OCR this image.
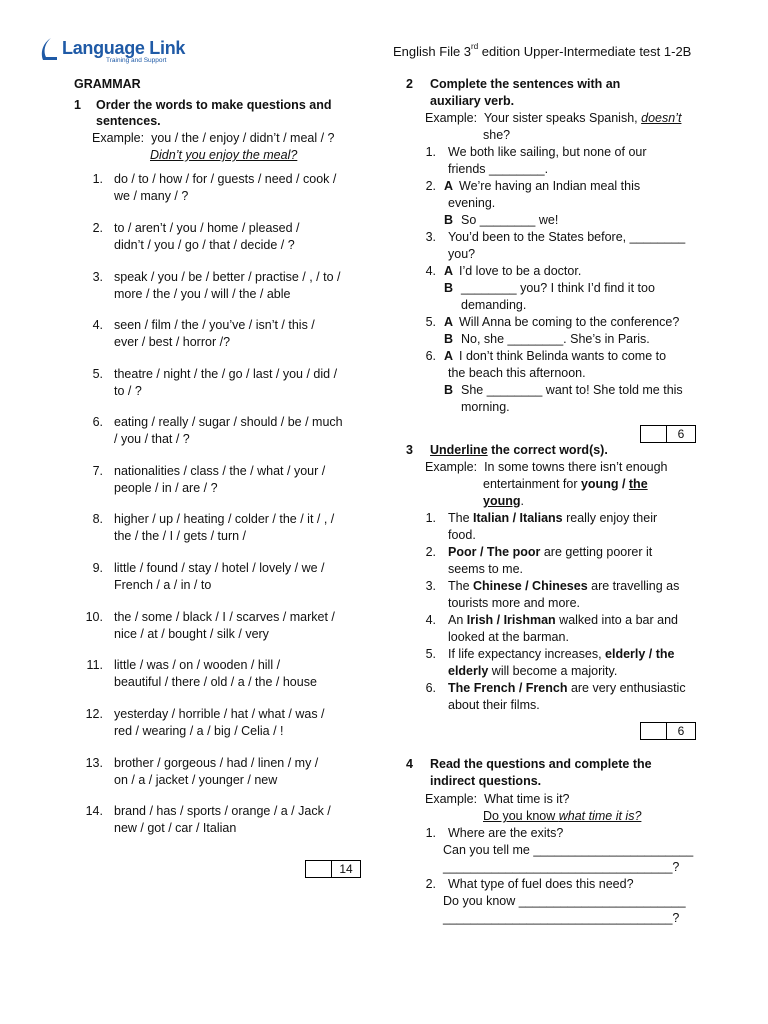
Language Link
Training and Support
English File 3rd edition Upper-Intermediate test 1-2B
GRAMMAR
1 Order the words to make questions and
sentences.
Example: you / the / enjoy / didn’t / meal / ?
Didn’t you enjoy the meal?
1. do / to / how / for / guests / need / cook /
we / many / ?
2. to / aren’t / you / home / pleased /
didn’t / you / go / that / decide / ?
3. speak / you / be / better / practise / , / to /
more / the / you / will / the / able
4. seen / film / the / you’ve / isn’t / this /
ever / best / horror /?
5. theatre / night / the / go / last / you / did /
to / ?
6. eating / really / sugar / should / be / much
/ you / that / ?
7. nationalities / class / the / what / your /
people / in / are / ?
8. higher / up / heating / colder / the / it / , /
the / the / I / gets / turn /
9. little / found / stay / hotel / lovely / we /
French / a / in / to
10. the / some / black / I / scarves / market /
nice / at / bought / silk / very
11. little / was / on / wooden / hill /
beautiful / there / old / a / the / house
12. yesterday / horrible / hat / what / was /
red / wearing / a / big / Celia / !
13. brother / gorgeous / had / linen / my /
on / a / jacket / younger / new
14. brand / has / sports / orange / a / Jack /
new / got / car / Italian
14
2 Complete the sentences with an
auxiliary verb.
Example: Your sister speaks Spanish, doesn’t
she?
1. We both like sailing, but none of our
friends ________.
2. A We’re having an Indian meal this
evening.
B So ________ we!
3. You’d been to the States before, ________
you?
4. A I’d love to be a doctor.
B ________ you? I think I’d find it too
demanding.
5. A Will Anna be coming to the conference?
B No, she ________. She’s in Paris.
6. A I don’t think Belinda wants to come to
the beach this afternoon.
B She ________ want to! She told me this
morning.
6
3 Underline the correct word(s).
Example: In some towns there isn’t enough
entertainment for young / the
young.
1. The Italian / Italians really enjoy their
food.
2. Poor / The poor are getting poorer it
seems to me.
3. The Chinese / Chineses are travelling as
tourists more and more.
4. An Irish / Irishman walked into a bar and
looked at the barman.
5. If life expectancy increases, elderly / the
elderly will become a majority.
6. The French / French are very enthusiastic
about their films.
6
4 Read the questions and complete the
indirect questions.
Example: What time is it?
Do you know what time it is?
1. Where are the exits?
Can you tell me _______________________
_________________________________?
2. What type of fuel does this need?
Do you know ________________________
_________________________________?
